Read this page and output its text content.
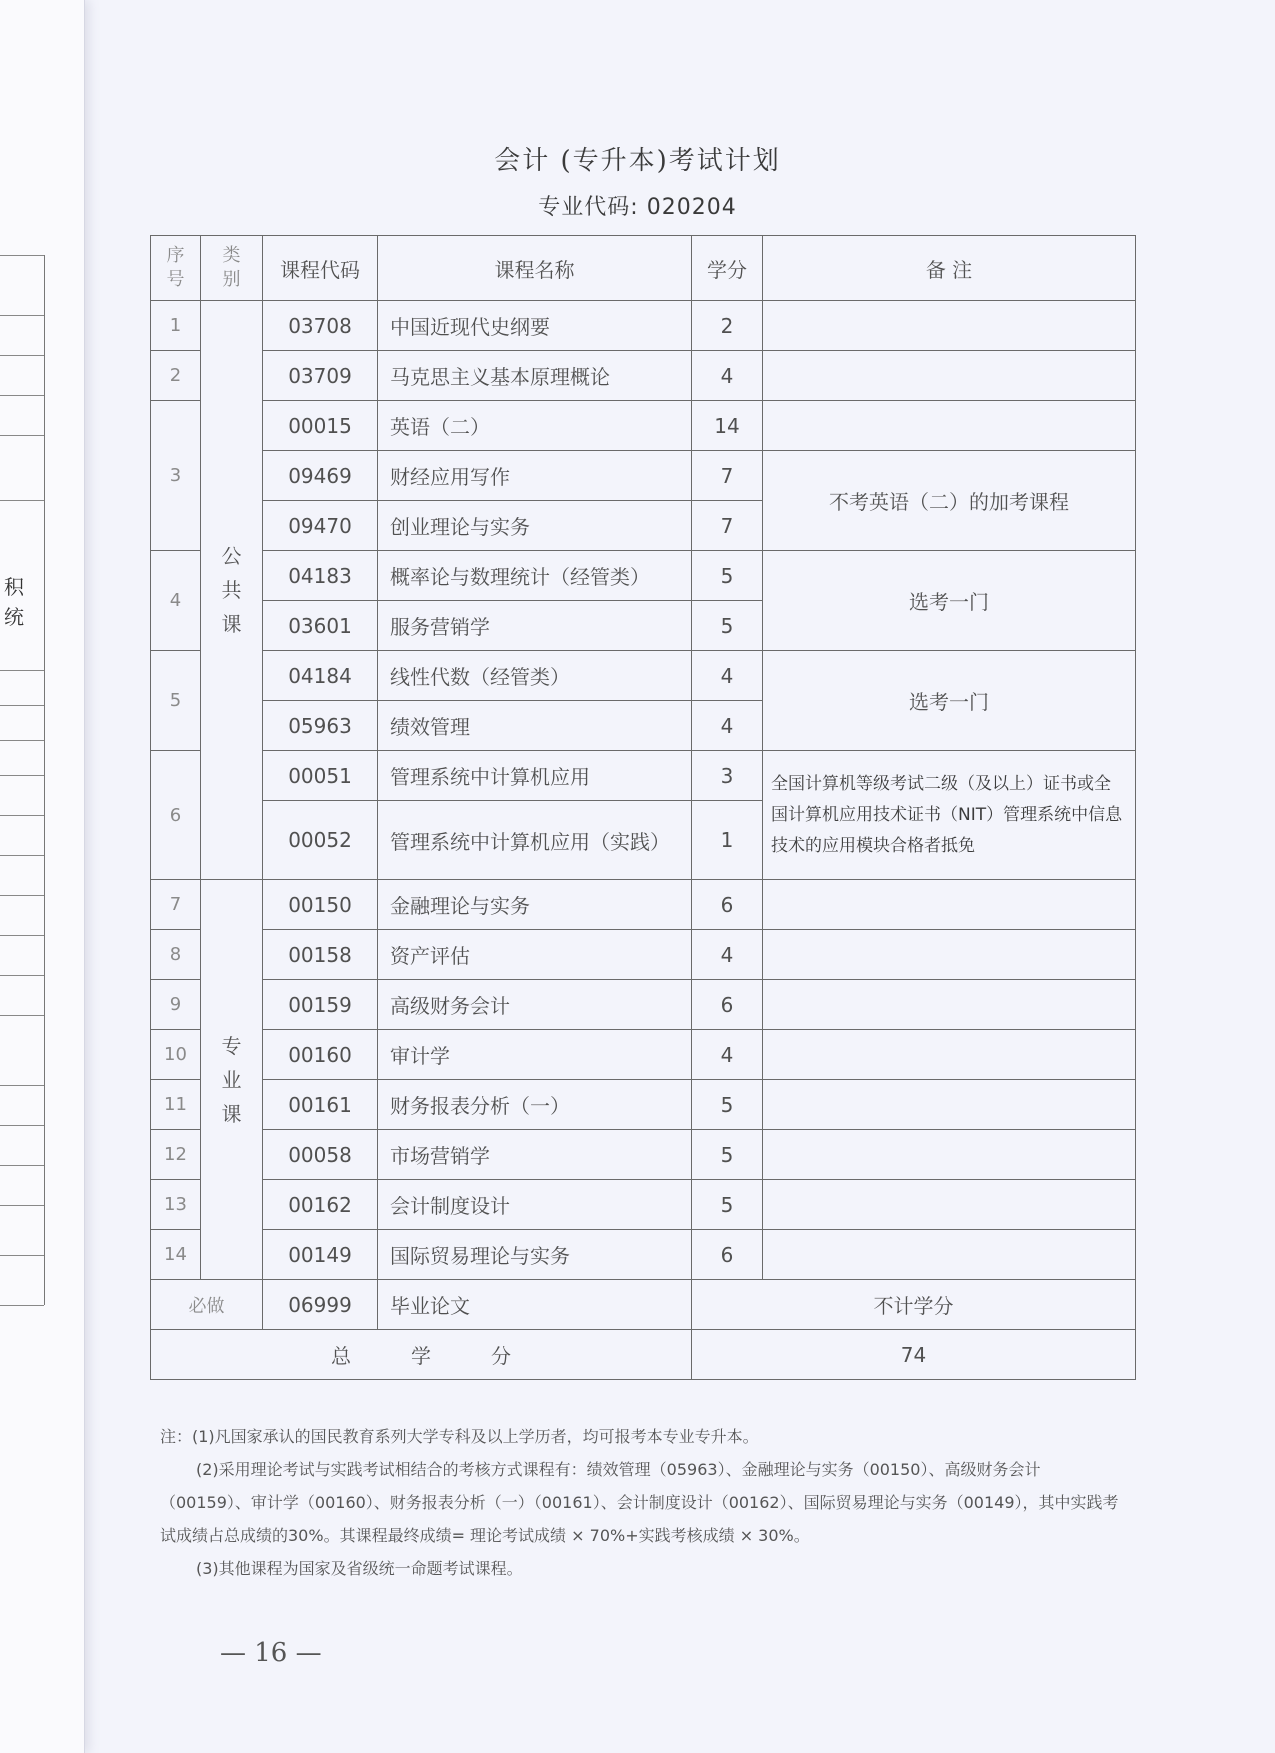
积
统
会计 (专升本)考试计划
专业代码: 020204
序号	类别	课程代码	课程名称	学分	备 注
1	公共课	03708	中国近现代史纲要	2	
2		03709	马克思主义基本原理概论	4	
3		00015	英语（二）	14	
		09469	财经应用写作	7	不考英语（二）的加考课程
		09470	创业理论与实务	7	
4		04183	概率论与数理统计（经管类）	5	选考一门
		03601	服务营销学	5	
5		04184	线性代数（经管类）	4	选考一门
		05963	绩效管理	4	
6		00051	管理系统中计算机应用	3	全国计算机等级考试二级（及以上）证书或全国计算机应用技术证书（NIT）管理系统中信息技术的应用模块合格者抵免
		00052	管理系统中计算机应用（实践）	1	
7	专业课	00150	金融理论与实务	6	
8		00158	资产评估	4	
9		00159	高级财务会计	6	
10		00160	审计学	4	
11		00161	财务报表分析（一）	5	
12		00058	市场营销学	5	
13		00162	会计制度设计	5	
14		00149	国际贸易理论与实务	6	
必做		06999	毕业论文	不计学分	
总学分				74	

注：(1)凡国家承认的国民教育系列大学专科及以上学历者，均可报考本专业专升本。

(2)采用理论考试与实践考试相结合的考核方式课程有：绩效管理（05963）、金融理论与实务（00150）、高级财务会计（00159）、审计学（00160）、财务报表分析（一）（00161）、会计制度设计（00162）、国际贸易理论与实务（00149），其中实践考试成绩占总成绩的30%。其课程最终成绩= 理论考试成绩 × 70%+实践考核成绩 × 30%。

(3)其他课程为国家及省级统一命题考试课程。

— 16 —
